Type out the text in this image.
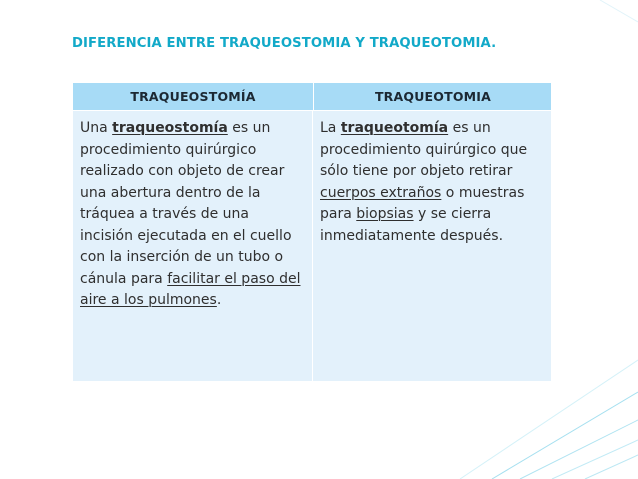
DIFERENCIA ENTRE TRAQUEOSTOMIA Y TRAQUEOTOMIA.
TRAQUEOSTOMÍA	TRAQUEOTOMIA
Una traqueostomía es un procedimiento quirúrgico realizado con objeto de crear una abertura dentro de la tráquea a través de una incisión ejecutada en el cuello con la inserción de un tubo o cánula para facilitar el paso del aire a los pulmones.
La traqueotomía es un procedimiento quirúrgico que sólo tiene por objeto retirar cuerpos extraños o muestras para biopsias y se cierra inmediatamente después.
